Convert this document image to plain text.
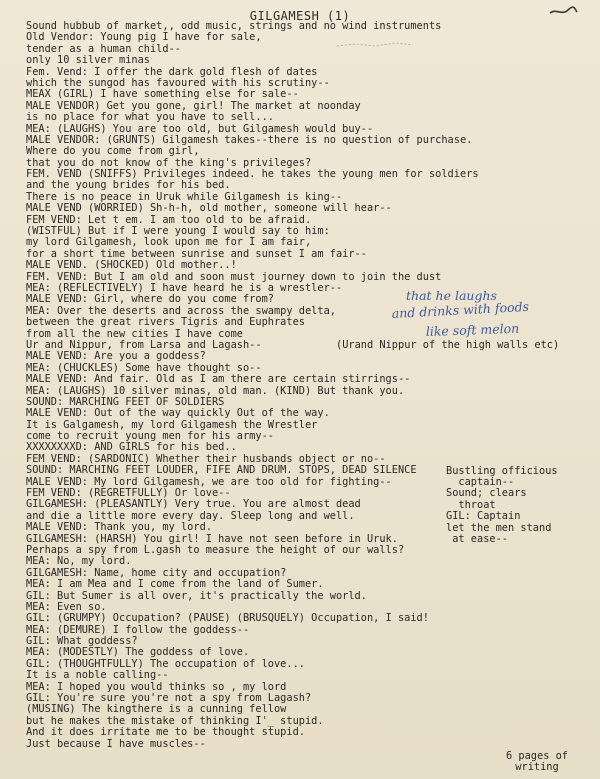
GILGAMESH (1)
Sound hubbub of market,, odd music, strings and no wind instruments
Old Vendor: Young pig I have for sale,
tender as a human child--
only 10 silver minas
Fem. Vend: I offer the dark gold flesh of dates
which the sungod has favoured with his scrutiny--
MEAX (GIRL) I have something else for sale--
MALE VENDOR) Get you gone, girl! The market at noonday
is no place for what you have to sell...
MEA: (LAUGHS) You are too old, but Gilgamesh would buy--
MALE VENDOR: (GRUNTS) Gilgamesh takes--there is no question of purchase.
Where do you come from girl,
that you do not know of the king's privileges?
FEM. VEND (SNIFFS) Privileges indeed. he takes the young men for soldiers
and the young brides for his bed.
There is no peace in Uruk while Gilgamesh is king--
MALE VEND (WORRIED) Sh-h-h, old mother, someone will hear--
FEM VEND: Let t em. I am too old to be afraid.
(WISTFUL) But if I were young I would say to him:
my lord Gilgamesh, look upon me for I am fair,
for a short time between sunrise and sunset I am fair--
MALE VEND. (SHOCKED) Old mother..!
FEM. VEND: But I am old and soon must journey down to join the dust
MEA: (REFLECTIVELY) I have heard he is a wrestler--
MALE VEND: Girl, where do you come from?
MEA: Over the deserts and across the swampy delta,
between the great rivers Tigris and Euphrates
from all the new cities I have come
Ur and Nippur, from Larsa and Lagash--	(Urand Nippur of the high walls etc)
MALE VEND: Are you a goddess?
MEA: (CHUCKLES) Some have thought so--
MALE VEND: And fair. Old as I am there are certain stirrings--
MEA: (LAUGHS) 10 silver minas, old man. (KIND) But thank you.
SOUND: MARCHING FEET OF SOLDIERS
MALE VEND: Out of the way quickly Out of the way.
It is Galgamesh, my lord Gilgamesh the Wrestler
come to recruit young men for his army--
XXXXXXXXD: AND GIRLS for his bed..
FEM VEND: (SARDONIC) Whether their husbands object or no--
SOUND: MARCHING FEET LOUDER, FIFE AND DRUM. STOPS, DEAD SILENCE
MALE VEND: My lord Gilgamesh, we are too old for fighting--
FEM VEND: (REGRETFULLY) Or love--
GILGAMESH: (PLEASANTLY) Very true. You are almost dead
and die a little more every day. Sleep long and well.
MALE VEND: Thank you, my lord.
GILGAMESH: (HARSH) You girl! I have not seen before in Uruk.
Perhaps a spy from L.gash to measure the height of our walls?
MEA: No, my lord.
GILGAMESH: Name, home city and occupation?
MEA: I am Mea and I come from the land of Sumer.
GIL: But Sumer is all over, it's practically the world.
MEA: Even so.
GIL: (GRUMPY) Occupation? (PAUSE) (BRUSQUELY) Occupation, I said!
MEA: (DEMURE) I follow the goddess--
GIL: What goddess?
MEA: (MODESTLY) The goddess of love.
GIL: (THOUGHTFULLY) The occupation of love...
It is a noble calling--
MEA: I hoped you would thinks so , my lord
GIL: You're sure you're not a spy from Lagash?
(MUSING) The kingthere is a cunning fellow
but he makes the mistake of thinking I'_ stupid.
And it does irritate me to be thought stupid.
Just because I have muscles--
Bustling officious
captain--
Sound; clears
throat
GIL: Captain
let the men stand
at ease--
that he laughs
and drinks with foods
like soft melon
6 pages of
writing
